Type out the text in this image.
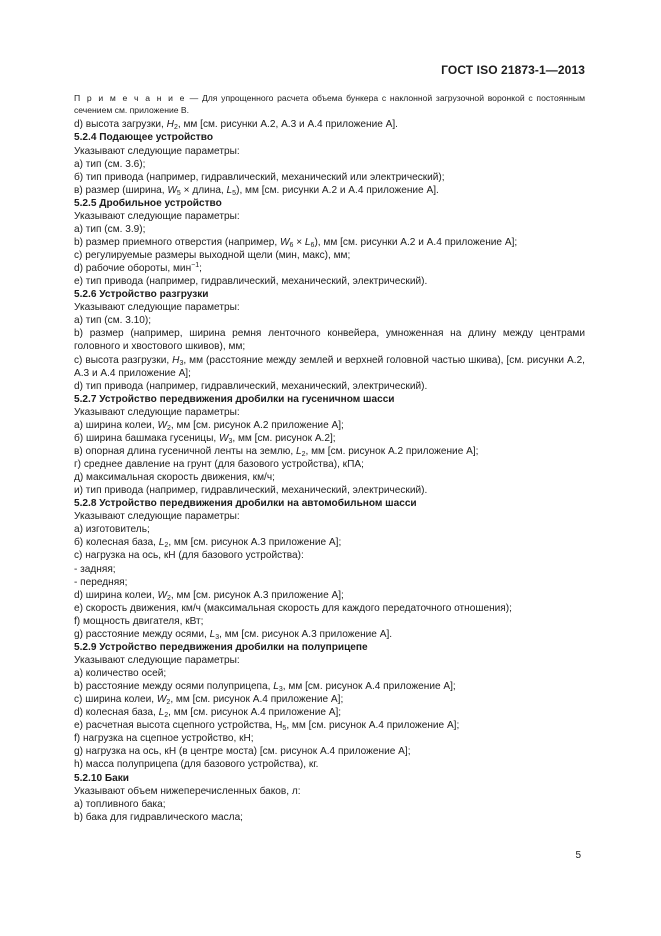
ГОСТ ISO 21873-1—2013

П р и м е ч а н и е — Для упрощенного расчета объема бункера с наклонной загрузочной воронкой с постоянным сечением см. приложение В.

d) высота загрузки, $H_2$, мм [см. рисунки А.2, А.3 и А.4 приложение А].
5.2.4 Подающее устройство
Указывают следующие параметры:
а) тип (см. 3.6);
б) тип привода (например, гидравлический, механический или электрический);
в) размер (ширина, $W_5$ × длина, $L_5$), мм [см. рисунки А.2 и А.4 приложение А].
5.2.5 Дробильное устройство
Указывают следующие параметры:
а) тип (см. 3.9);
b) размер приемного отверстия (например, $W_6 \times L_6$), мм [см. рисунки А.2 и А.4 приложение А];
с) регулируемые размеры выходной щели (мин, макс), мм;
d) рабочие обороты, мин$^{-1}$;
е) тип привода (например, гидравлический, механический, электрический).
5.2.6 Устройство разгрузки
Указывают следующие параметры:
а) тип (см. 3.10);
b) размер (например, ширина ремня ленточного конвейера, умноженная на длину между центрами головного и хвостового шкивов), мм;
с) высота разгрузки, $H_3$, мм (расстояние между землей и верхней головной частью шкива), [см. рисунки А.2, А.3 и А.4 приложение А];
d) тип привода (например, гидравлический, механический, электрический).
5.2.7 Устройство передвижения дробилки на гусеничном шасси
Указывают следующие параметры:
а) ширина колеи, $W_2$, мм [см. рисунок А.2 приложение А];
б) ширина башмака гусеницы, $W_3$, мм [см. рисунок А.2];
в) опорная длина гусеничной ленты на землю, $L_2$, мм [см. рисунок А.2 приложение А];
г) среднее давление на грунт (для базового устройства), кПА;
д) максимальная скорость движения, км/ч;
и) тип привода (например, гидравлический, механический, электрический).
5.2.8 Устройство передвижения дробилки на автомобильном шасси
Указывают следующие параметры:
а) изготовитель;
б) колесная база, $L_2$, мм [см. рисунок А.3 приложение А];
с) нагрузка на ось, кН (для базового устройства):
- задняя;
- передняя;
d) ширина колеи, $W_2$, мм [см. рисунок А.3 приложение А];
е) скорость движения, км/ч (максимальная скорость для каждого передаточного отношения);
f) мощность двигателя, кВт;
g) расстояние между осями, $L_3$, мм [см. рисунок А.3 приложение А].
5.2.9 Устройство передвижения дробилки на полуприцепе
Указывают следующие параметры:
а) количество осей;
b) расстояние между осями полуприцепа, $L_3$, мм [см. рисунок А.4 приложение А];
с) ширина колеи, $W_2$, мм [см. рисунок А.4 приложение А];
d) колесная база, $L_2$, мм [см. рисунок А.4 приложение А];
е) расчетная высота сцепного устройства, $H_5$, мм [см. рисунок А.4 приложение А];
f) нагрузка на сцепное устройство, кН;
g) нагрузка на ось, кН (в центре моста) [см. рисунок А.4 приложение А];
h) масса полуприцепа (для базового устройства), кг.
5.2.10 Баки
Указывают объем нижеперечисленных баков, л:
а) топливного бака;
b) бака для гидравлического масла;
5
